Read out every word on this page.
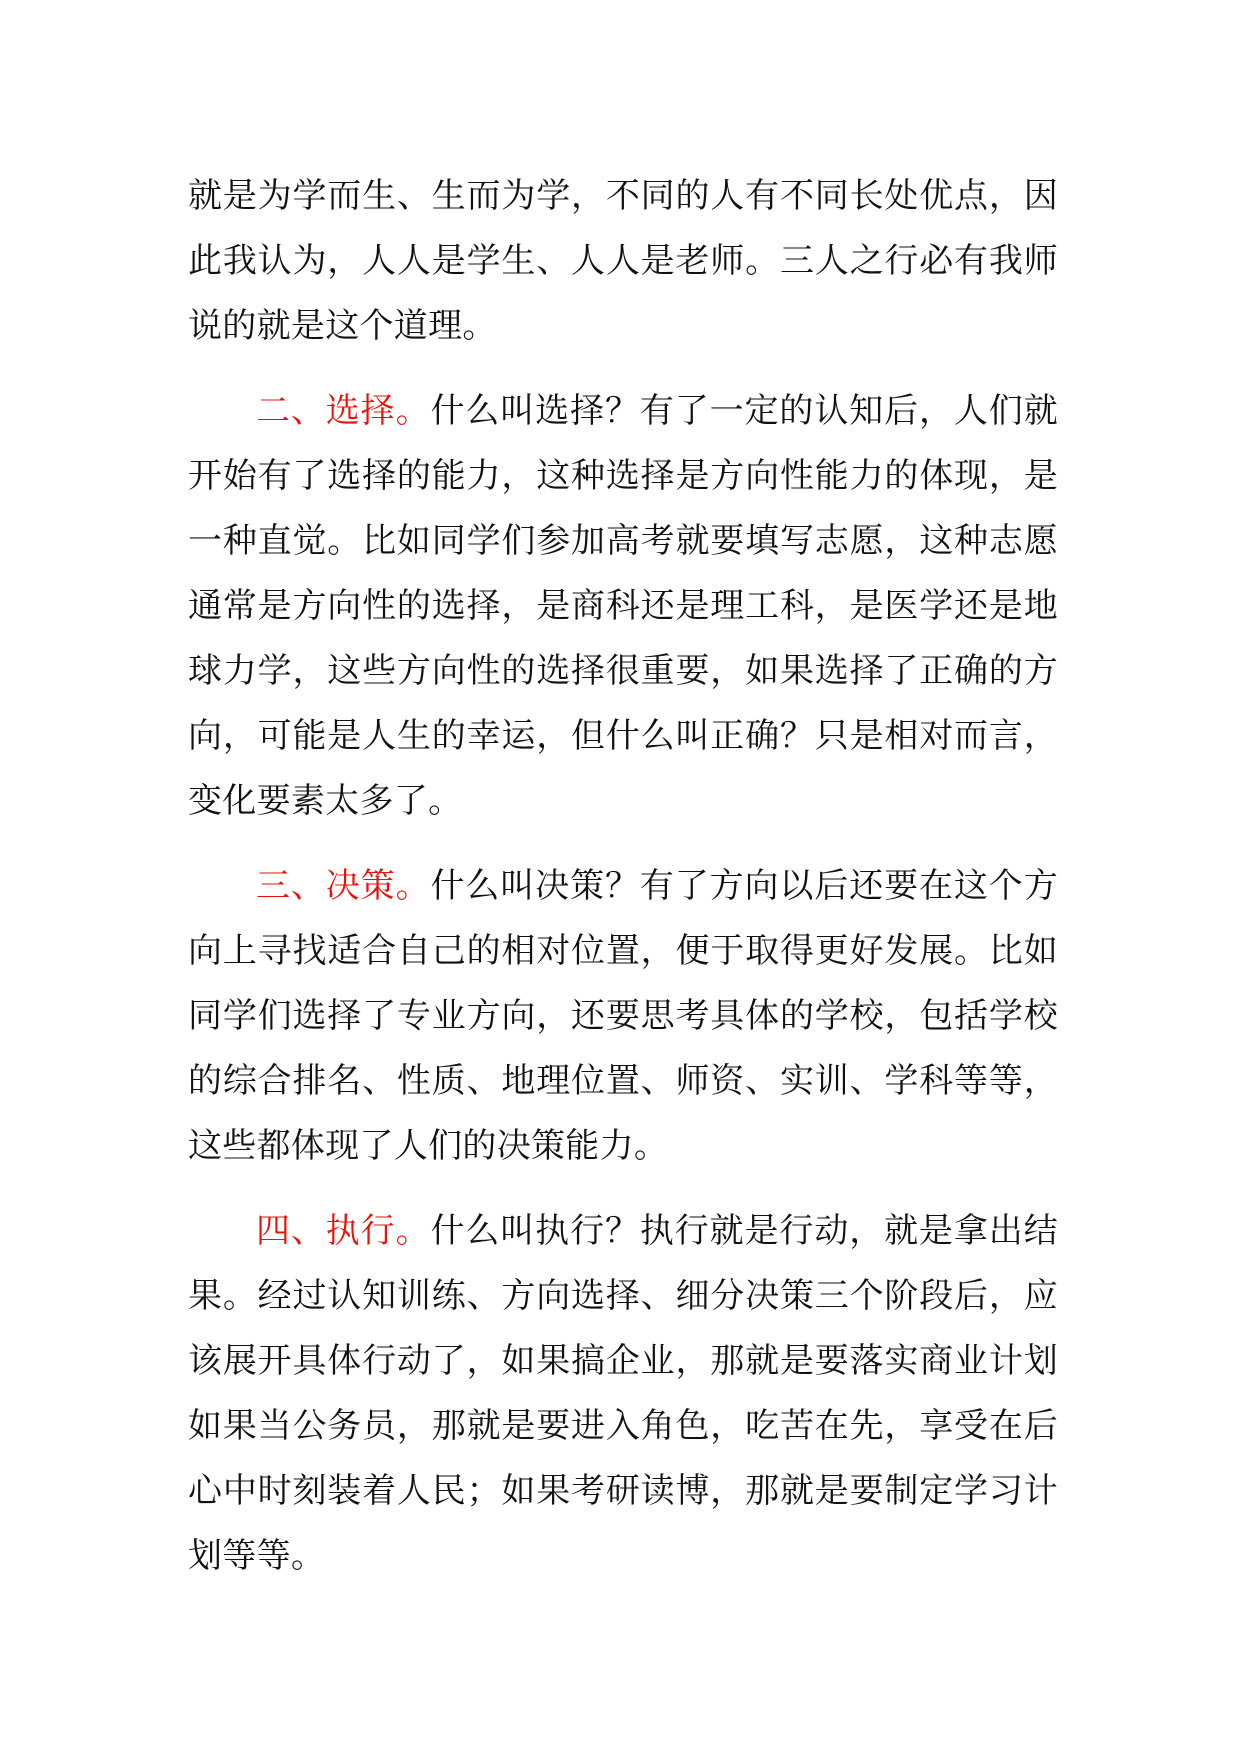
就是为学而生、生而为学，不同的人有不同长处优点，因此我认为，人人是学生、人人是老师。三人之行必有我师说的就是这个道理。

二、选择。什么叫选择？有了一定的认知后，人们就开始有了选择的能力，这种选择是方向性能力的体现，是一种直觉。比如同学们参加高考就要填写志愿，这种志愿通常是方向性的选择，是商科还是理工科，是医学还是地球力学，这些方向性的选择很重要，如果选择了正确的方向，可能是人生的幸运，但什么叫正确？只是相对而言，变化要素太多了。

三、决策。什么叫决策？有了方向以后还要在这个方向上寻找适合自己的相对位置，便于取得更好发展。比如同学们选择了专业方向，还要思考具体的学校，包括学校的综合排名、性质、地理位置、师资、实训、学科等等，这些都体现了人们的决策能力。

四、执行。什么叫执行？执行就是行动，就是拿出结果。经过认知训练、方向选择、细分决策三个阶段后，应该展开具体行动了，如果搞企业，那就是要落实商业计划如果当公务员，那就是要进入角色，吃苦在先，享受在后心中时刻装着人民；如果考研读博，那就是要制定学习计划等等。
